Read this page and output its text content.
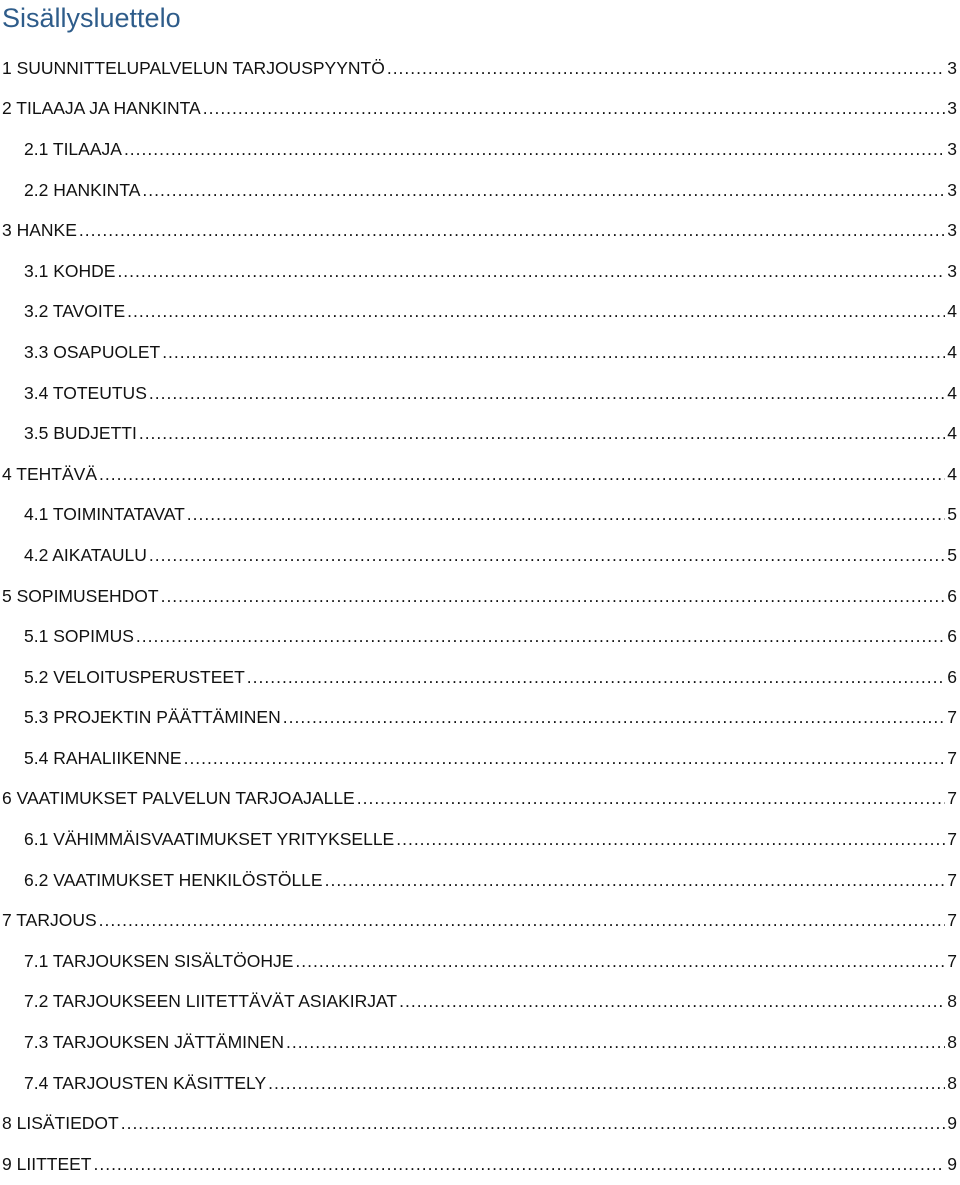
Sisällysluettelo
1 SUUNNITTELUPALVELUN TARJOUSPYYNTÖ .....	3
2 TILAAJA JA HANKINTA .....	3
2.1 TILAAJA .....	3
2.2 HANKINTA .....	3
3 HANKE .....	3
3.1 KOHDE .....	3
3.2 TAVOITE .....	4
3.3 OSAPUOLET .....	4
3.4 TOTEUTUS .....	4
3.5 BUDJETTI .....	4
4 TEHTÄVÄ .....	4
4.1 TOIMINTATAVAT .....	5
4.2 AIKATAULU .....	5
5 SOPIMUSEHDOT .....	6
5.1 SOPIMUS .....	6
5.2 VELOITUSPERUSTEET .....	6
5.3 PROJEKTIN PÄÄTTÄMINEN .....	7
5.4 RAHALIIKENNE .....	7
6 VAATIMUKSET PALVELUN TARJOAJALLE .....	7
6.1 VÄHIMMÄISVAATIMUKSET YRITYKSELLE .....	7
6.2 VAATIMUKSET HENKILÖSTÖLLE .....	7
7 TARJOUS .....	7
7.1 TARJOUKSEN SISÄLTÖOHJE .....	7
7.2 TARJOUKSEEN LIITETTÄVÄT ASIAKIRJAT .....	8
7.3 TARJOUKSEN JÄTTÄMINEN .....	8
7.4 TARJOUSTEN KÄSITTELY .....	8
8 LISÄTIEDOT .....	9
9 LIITTEET .....	9
